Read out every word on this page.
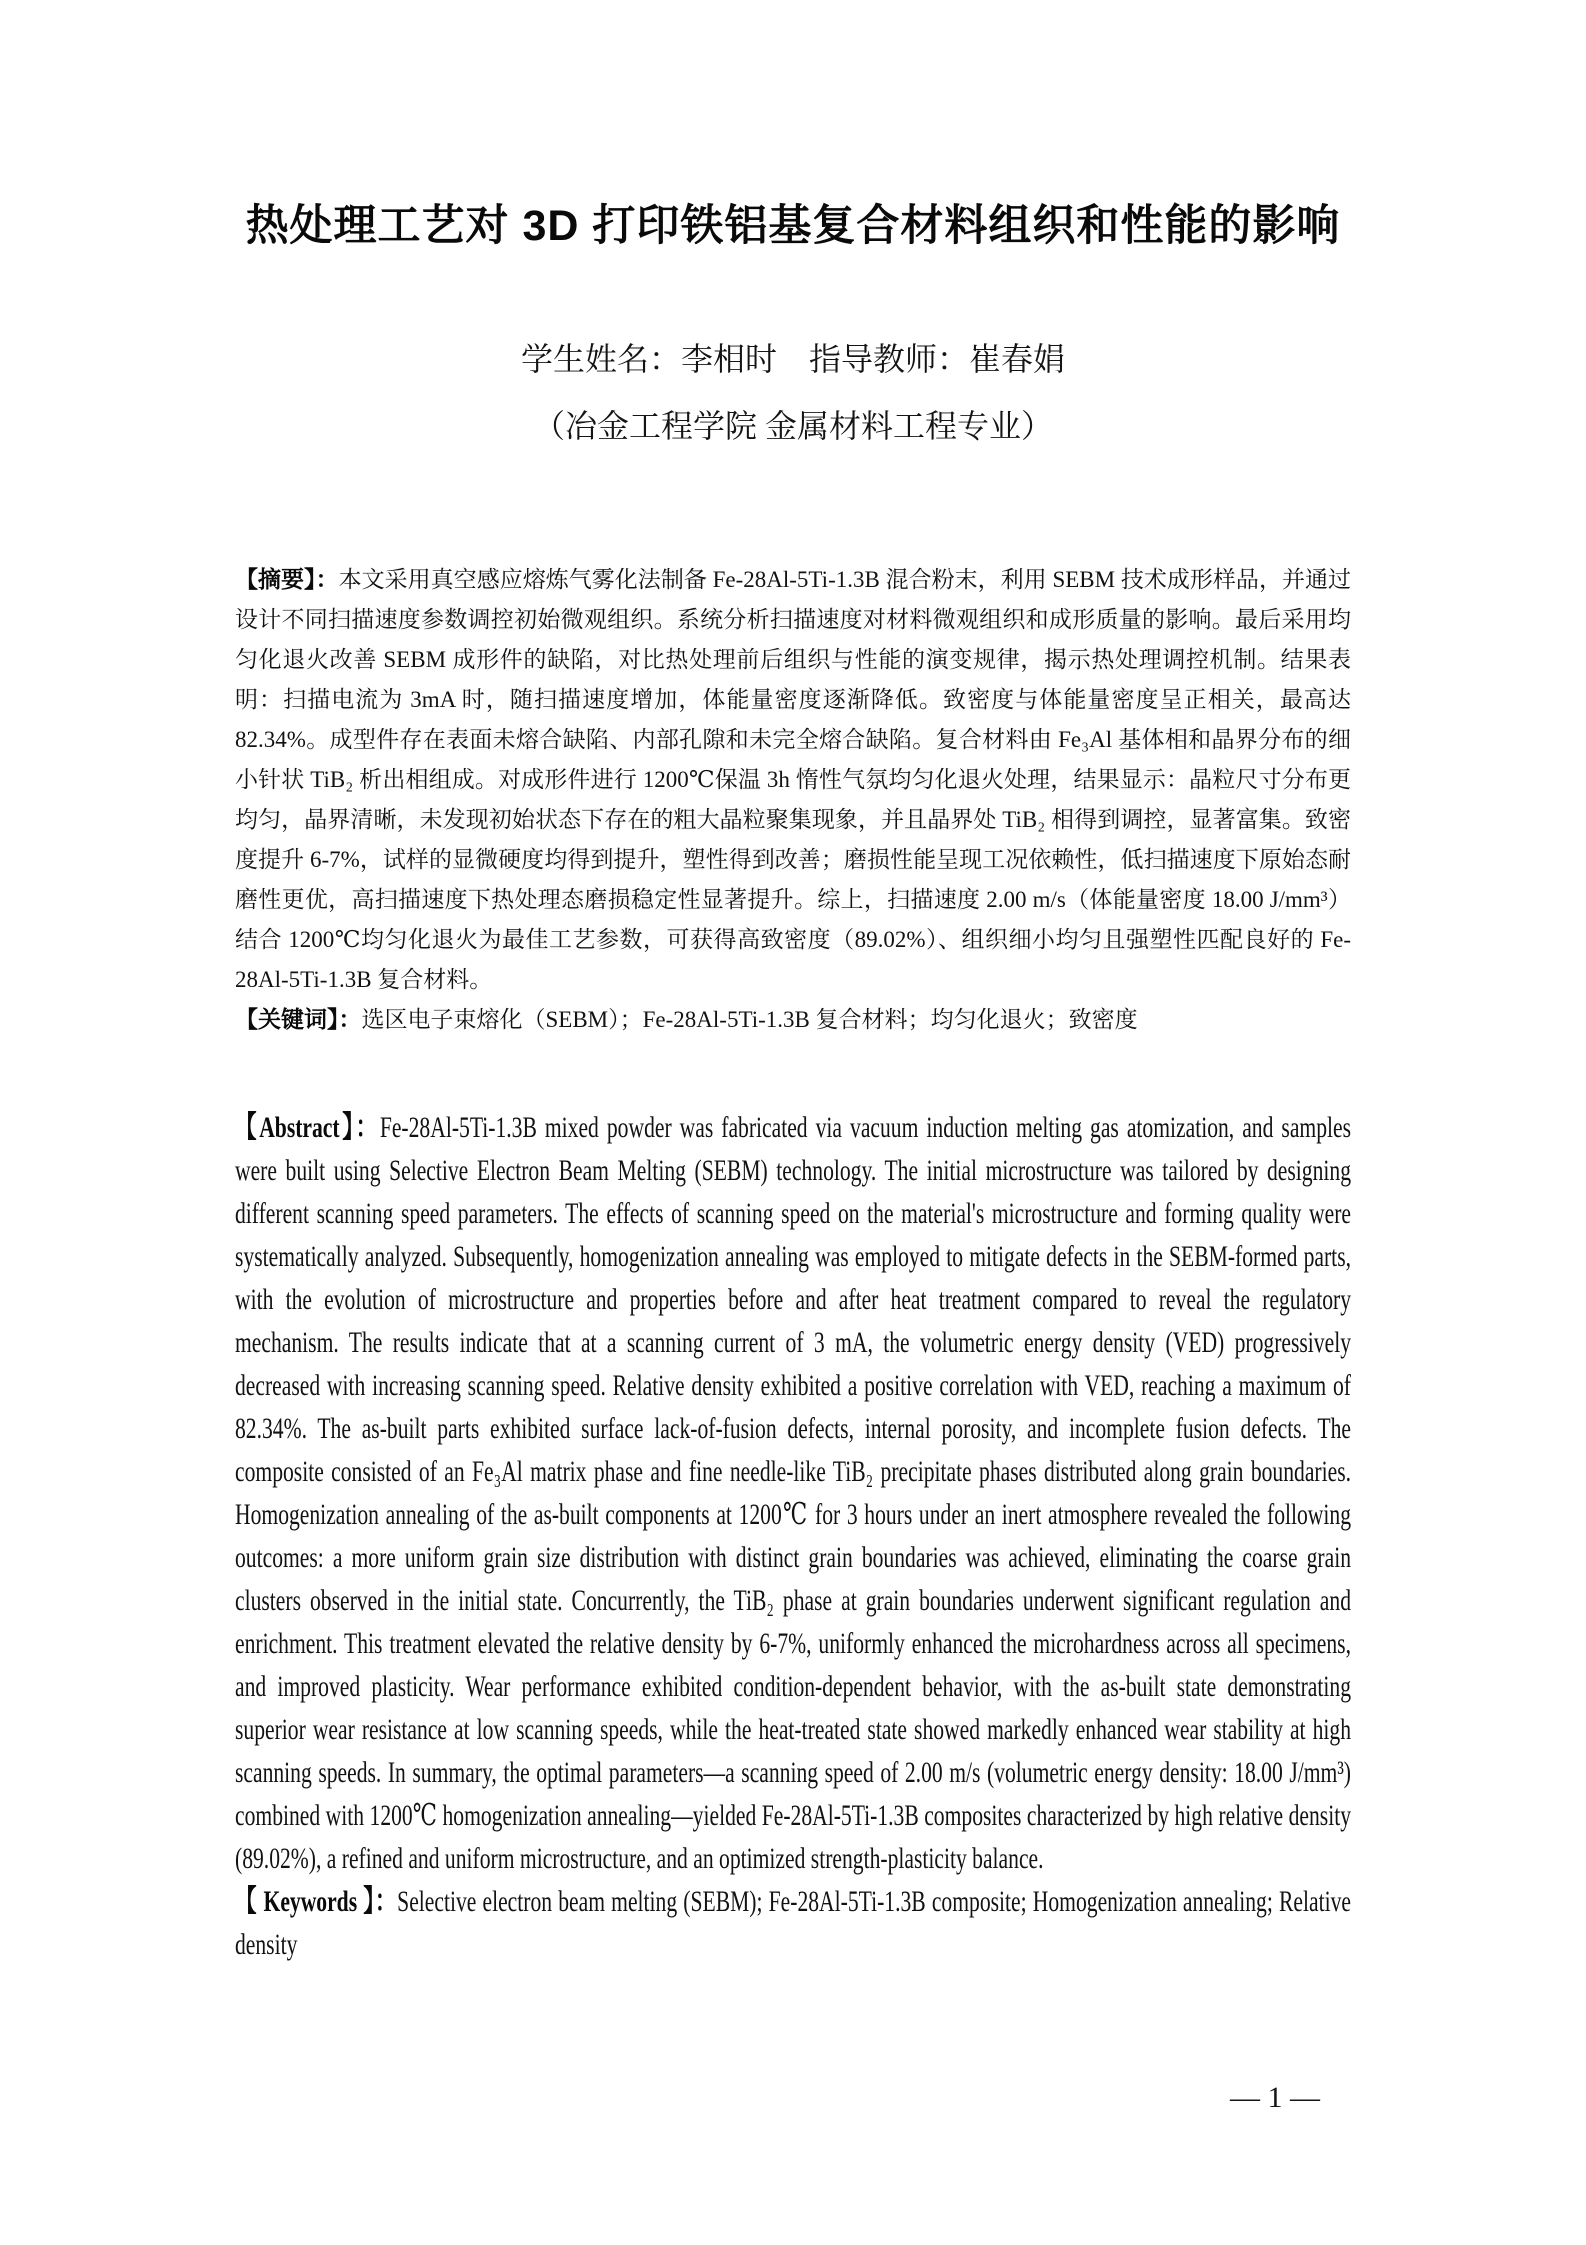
热处理工艺对 3D 打印铁铝基复合材料组织和性能的影响
学生姓名：李相时　指导教师：崔春娟
（冶金工程学院 金属材料工程专业）

【摘要】：本文采用真空感应熔炼气雾化法制备 Fe-28Al-5Ti-1.3B 混合粉末，利用 SEBM 技术成形样品，并通过设计不同扫描速度参数调控初始微观组织。系统分析扫描速度对材料微观组织和成形质量的影响。最后采用均匀化退火改善 SEBM 成形件的缺陷，对比热处理前后组织与性能的演变规律，揭示热处理调控机制。结果表明：扫描电流为 3mA 时，随扫描速度增加，体能量密度逐渐降低。致密度与体能量密度呈正相关，最高达 82.34%。成型件存在表面未熔合缺陷、内部孔隙和未完全熔合缺陷。复合材料由 Fe₃Al 基体相和晶界分布的细小针状 TiB₂ 析出相组成。对成形件进行 1200℃保温 3h 惰性气氛均匀化退火处理，结果显示：晶粒尺寸分布更均匀，晶界清晰，未发现初始状态下存在的粗大晶粒聚集现象，并且晶界处 TiB₂ 相得到调控，显著富集。致密度提升 6-7%，试样的显微硬度均得到提升，塑性得到改善；磨损性能呈现工况依赖性，低扫描速度下原始态耐磨性更优，高扫描速度下热处理态磨损稳定性显著提升。综上，扫描速度 2.00 m/s（体能量密度 18.00 J/mm³）结合 1200℃均匀化退火为最佳工艺参数，可获得高致密度（89.02%）、组织细小均匀且强塑性匹配良好的 Fe-28Al-5Ti-1.3B 复合材料。

【关键词】：选区电子束熔化（SEBM）；Fe-28Al-5Ti-1.3B 复合材料；均匀化退火；致密度

【Abstract】：Fe-28Al-5Ti-1.3B mixed powder was fabricated via vacuum induction melting gas atomization, and samples were built using Selective Electron Beam Melting (SEBM) technology. The initial microstructure was tailored by designing different scanning speed parameters. The effects of scanning speed on the material's microstructure and forming quality were systematically analyzed. Subsequently, homogenization annealing was employed to mitigate defects in the SEBM-formed parts, with the evolution of microstructure and properties before and after heat treatment compared to reveal the regulatory mechanism. The results indicate that at a scanning current of 3 mA, the volumetric energy density (VED) progressively decreased with increasing scanning speed. Relative density exhibited a positive correlation with VED, reaching a maximum of 82.34%. The as-built parts exhibited surface lack-of-fusion defects, internal porosity, and incomplete fusion defects. The composite consisted of an Fe₃Al matrix phase and fine needle-like TiB₂ precipitate phases distributed along grain boundaries. Homogenization annealing of the as-built components at 1200℃ for 3 hours under an inert atmosphere revealed the following outcomes: a more uniform grain size distribution with distinct grain boundaries was achieved, eliminating the coarse grain clusters observed in the initial state. Concurrently, the TiB₂ phase at grain boundaries underwent significant regulation and enrichment. This treatment elevated the relative density by 6-7%, uniformly enhanced the microhardness across all specimens, and improved plasticity. Wear performance exhibited condition-dependent behavior, with the as-built state demonstrating superior wear resistance at low scanning speeds, while the heat-treated state showed markedly enhanced wear stability at high scanning speeds. In summary, the optimal parameters—a scanning speed of 2.00 m/s (volumetric energy density: 18.00 J/mm³) combined with 1200℃ homogenization annealing—yielded Fe-28Al-5Ti-1.3B composites characterized by high relative density (89.02%), a refined and uniform microstructure, and an optimized strength-plasticity balance.

【 Keywords 】：Selective electron beam melting (SEBM); Fe-28Al-5Ti-1.3B composite; Homogenization annealing; Relative density

— 1 —
